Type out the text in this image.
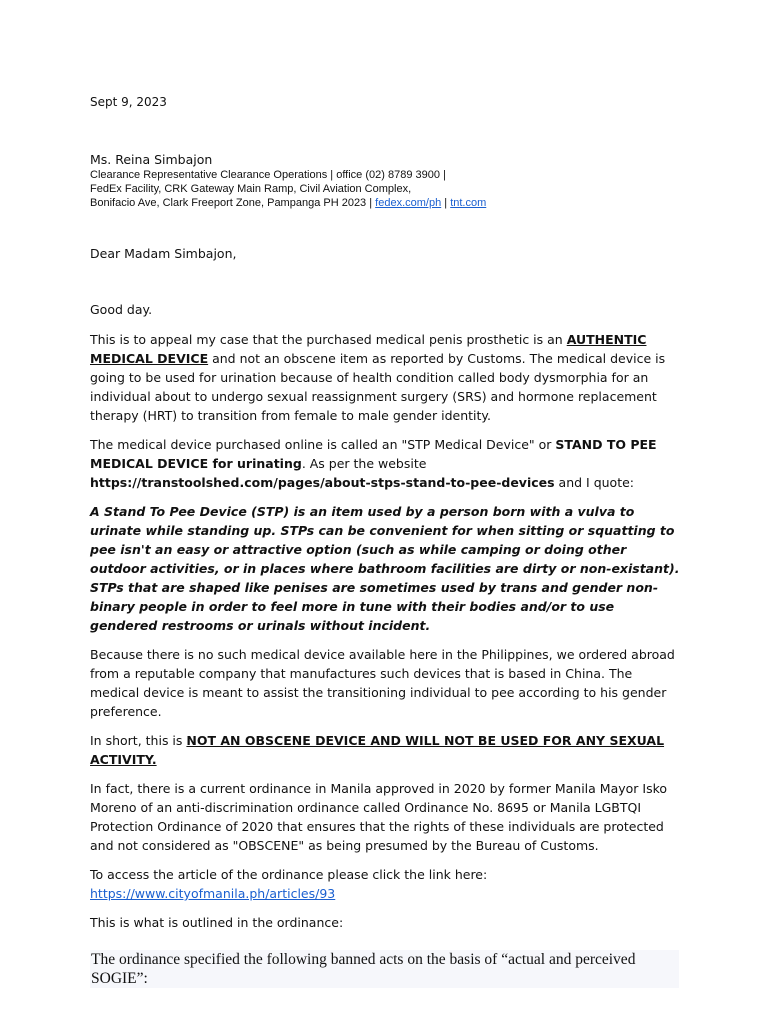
Sept 9, 2023
Ms. Reina Simbajon
Clearance Representative Clearance Operations | office (02) 8789 3900 |
FedEx Facility, CRK Gateway Main Ramp, Civil Aviation Complex,
Bonifacio Ave, Clark Freeport Zone, Pampanga PH 2023 | fedex.com/ph | tnt.com
Dear Madam Simbajon,
Good day.

This is to appeal my case that the purchased medical penis prosthetic is an AUTHENTIC MEDICAL DEVICE and not an obscene item as reported by Customs. The medical device is going to be used for urination because of health condition called body dysmorphia for an individual about to undergo sexual reassignment surgery (SRS) and hormone replacement therapy (HRT) to transition from female to male gender identity.

The medical device purchased online is called an "STP Medical Device" or STAND TO PEE MEDICAL DEVICE for urinating. As per the website https://transtoolshed.com/pages/about-stps-stand-to-pee-devices and I quote:

A Stand To Pee Device (STP) is an item used by a person born with a vulva to urinate while standing up. STPs can be convenient for when sitting or squatting to pee isn't an easy or attractive option (such as while camping or doing other outdoor activities, or in places where bathroom facilities are dirty or non-existant). STPs that are shaped like penises are sometimes used by trans and gender non-binary people in order to feel more in tune with their bodies and/or to use gendered restrooms or urinals without incident.

Because there is no such medical device available here in the Philippines, we ordered abroad from a reputable company that manufactures such devices that is based in China. The medical device is meant to assist the transitioning individual to pee according to his gender preference.

In short, this is NOT AN OBSCENE DEVICE AND WILL NOT BE USED FOR ANY SEXUAL ACTIVITY.

In fact, there is a current ordinance in Manila approved in 2020 by former Manila Mayor Isko Moreno of an anti-discrimination ordinance called Ordinance No. 8695 or Manila LGBTQI Protection Ordinance of 2020 that ensures that the rights of these individuals are protected and not considered as "OBSCENE" as being presumed by the Bureau of Customs.

To access the article of the ordinance please click the link here: https://www.cityofmanila.ph/articles/93

This is what is outlined in the ordinance:

The ordinance specified the following banned acts on the basis of “actual and perceived SOGIE”:
